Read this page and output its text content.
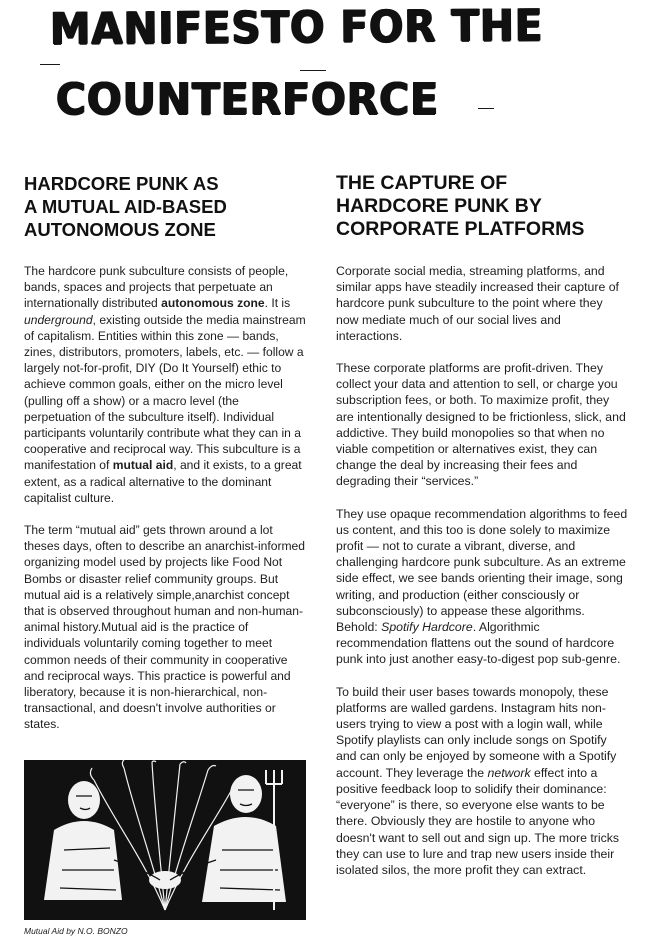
MANIFESTO FOR THE
COUNTERFORCE
HARDCORE PUNK AS
A MUTUAL AID-BASED
AUTONOMOUS ZONE

The hardcore punk subculture consists of people, bands, spaces and projects that perpetuate an internationally distributed autonomous zone. It is underground, existing outside the media mainstream of capitalism. Entities within this zone — bands, zines, distributors, promoters, labels, etc. — follow a largely not-for-profit, DIY (Do It Yourself) ethic to achieve common goals, either on the micro level (pulling off a show) or a macro level (the perpetuation of the subculture itself). Individual participants voluntarily contribute what they can in a cooperative and reciprocal way. This subculture is a manifestation of mutual aid, and it exists, to a great extent, as a radical alternative to the dominant capitalist culture.

The term “mutual aid” gets thrown around a lot theses days, often to describe an anarchist-informed organizing model used by projects like Food Not Bombs or disaster relief community groups. But mutual aid is a relatively simple,anarchist concept that is observed throughout human and non-human-animal history.Mutual aid is the practice of individuals voluntarily coming together to meet common needs of their community in cooperative and reciprocal ways. This practice is powerful and liberatory, because it is non-hierarchical, non-transactional, and doesn't involve authorities or states.

Mutual Aid by N.O. BONZO
THE CAPTURE OF
HARDCORE PUNK BY
CORPORATE PLATFORMS

Corporate social media, streaming platforms, and similar apps have steadily increased their capture of hardcore punk subculture to the point where they now mediate much of our social lives and interactions.

These corporate platforms are profit-driven. They collect your data and attention to sell, or charge you subscription fees, or both. To maximize profit, they are intentionally designed to be frictionless, slick, and addictive. They build monopolies so that when no viable competition or alternatives exist, they can change the deal by increasing their fees and degrading their “services.”

They use opaque recommendation algorithms to feed us content, and this too is done solely to maximize profit — not to curate a vibrant, diverse, and challenging hardcore punk subculture. As an extreme side effect, we see bands orienting their image, song writing, and production (either consciously or subconsciously) to appease these algorithms. Behold: Spotify Hardcore. Algorithmic recommendation flattens out the sound of hardcore punk into just another easy-to-digest pop sub-genre.

To build their user bases towards monopoly, these platforms are walled gardens. Instagram hits non-users trying to view a post with a login wall, while Spotify playlists can only include songs on Spotify and can only be enjoyed by someone with a Spotify account. They leverage the network effect into a positive feedback loop to solidify their dominance: “everyone” is there, so everyone else wants to be there. Obviously they are hostile to anyone who doesn't want to sell out and sign up. The more tricks they can use to lure and trap new users inside their isolated silos, the more profit they can extract.
